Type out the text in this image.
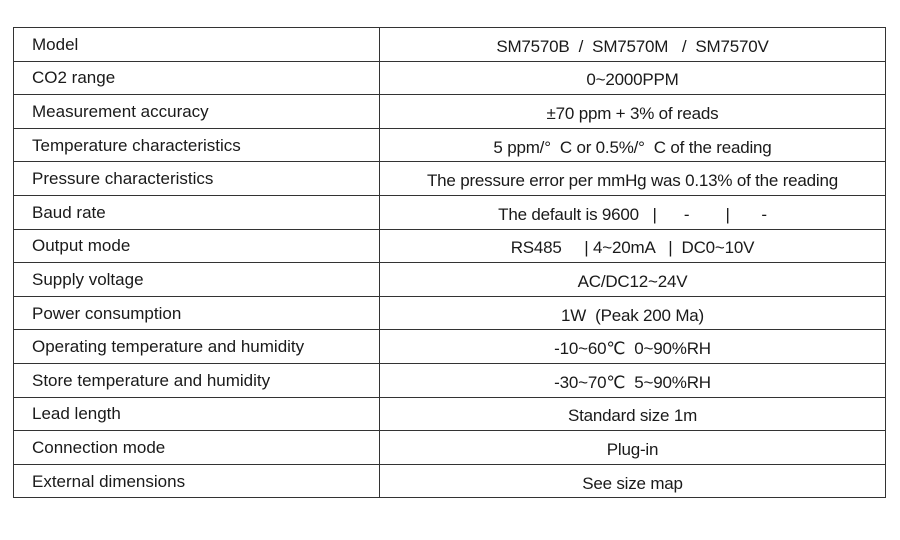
Model	SM7570B  /  SM7570M   /  SM7570V
CO2 range	0~2000PPM
Measurement accuracy	±70 ppm + 3% of reads
Temperature characteristics	5 ppm/°  C or 0.5%/°  C of the reading
Pressure characteristics	The pressure error per mmHg was 0.13% of the reading
Baud rate	The default is 9600   |      -        |       -
Output mode	RS485     | 4~20mA   |  DC0~10V
Supply voltage	AC/DC12~24V
Power consumption	1W  (Peak 200 Ma)
Operating temperature and humidity	-10~60℃  0~90%RH
Store temperature and humidity	-30~70℃  5~90%RH
Lead length	Standard size 1m
Connection mode	Plug-in
External dimensions	See size map
